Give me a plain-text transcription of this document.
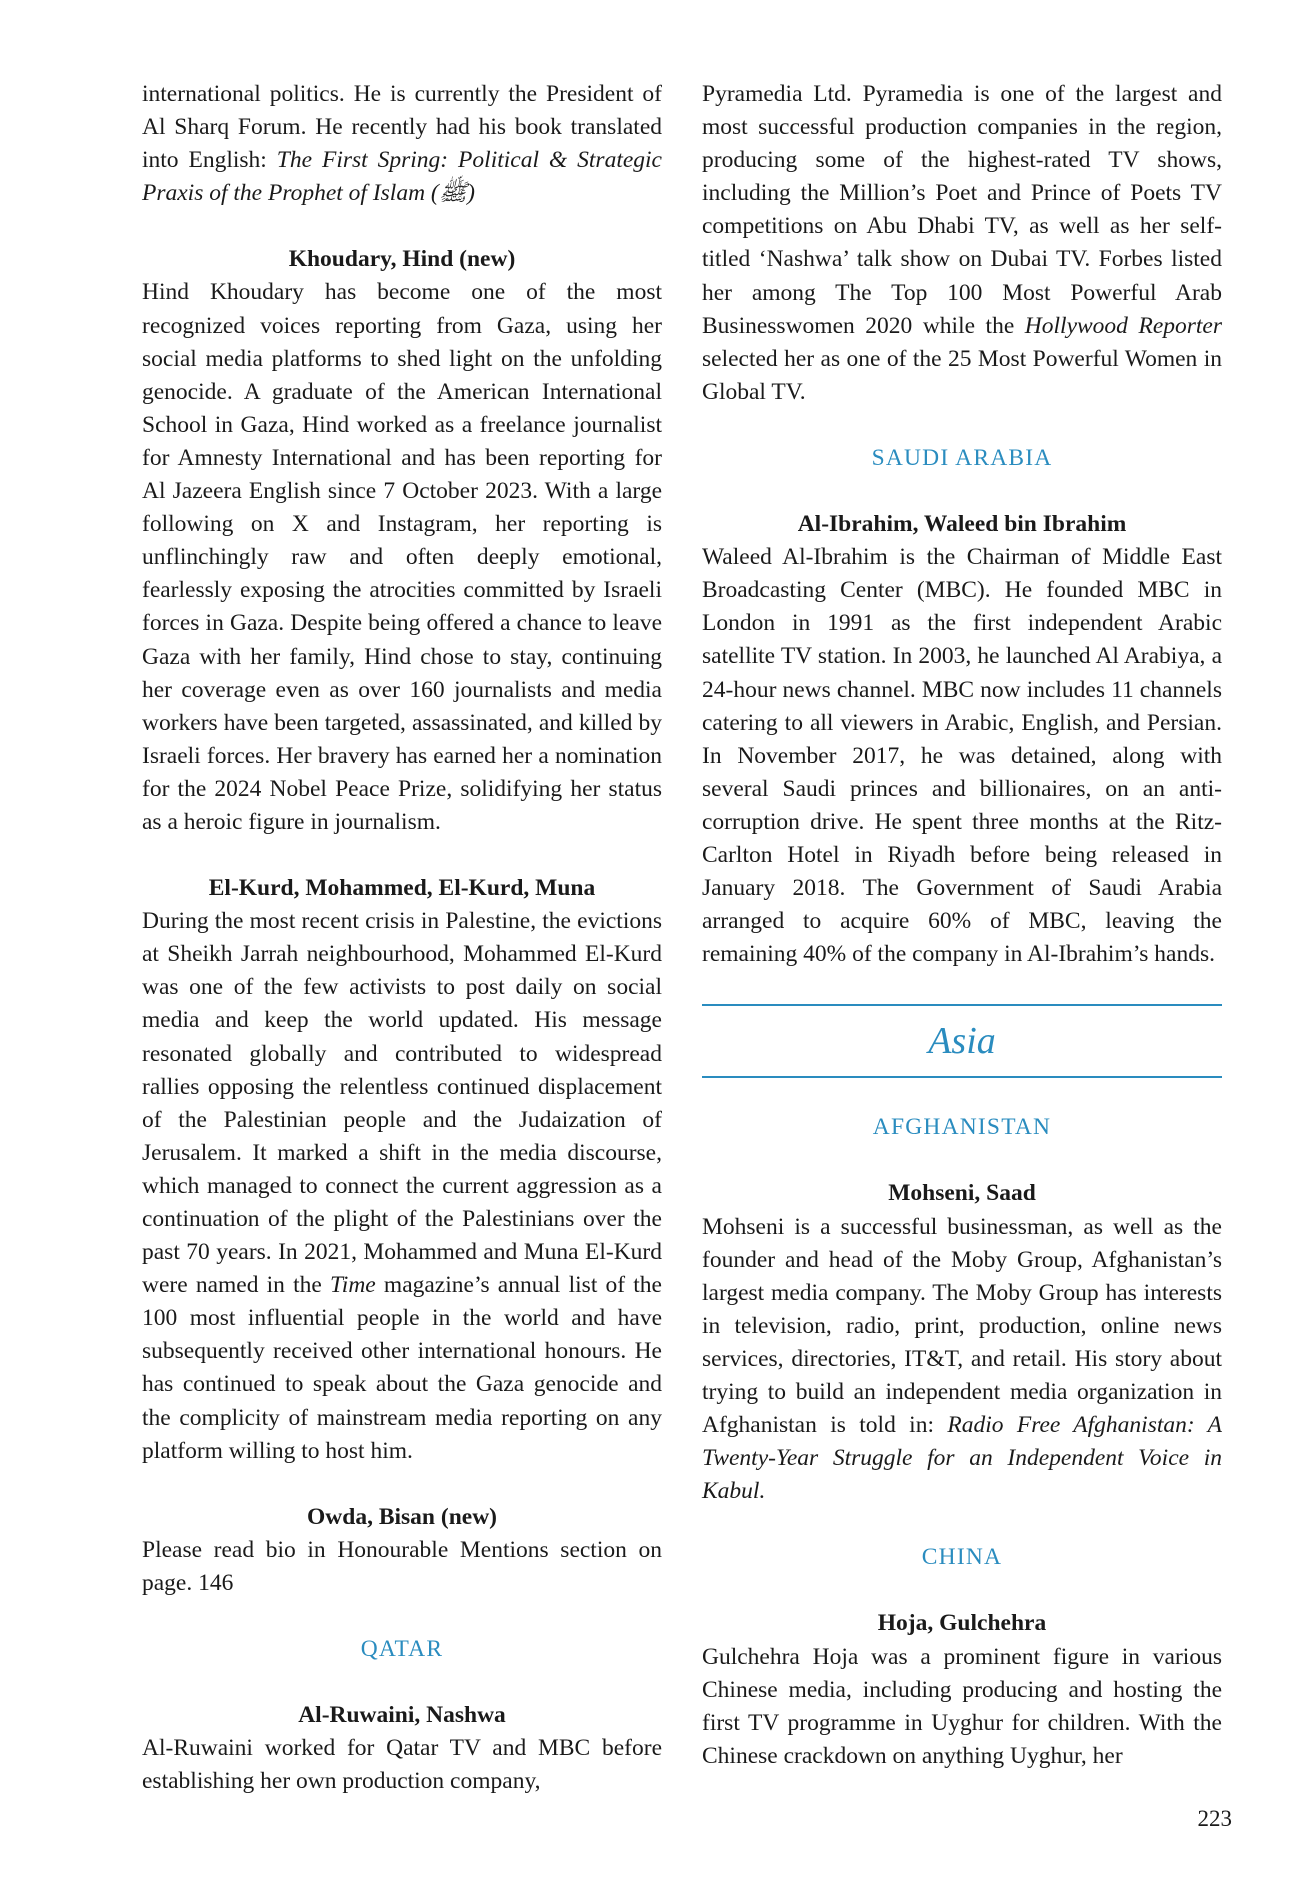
international politics. He is currently the President of Al Sharq Forum. He recently had his book translated into English: The First Spring: Political & Strategic Praxis of the Prophet of Islam (ﷺ)

Khoudary, Hind (new)

Hind Khoudary has become one of the most recognized voices reporting from Gaza, using her social media platforms to shed light on the unfolding genocide. A graduate of the American International School in Gaza, Hind worked as a freelance journalist for Amnesty International and has been reporting for Al Jazeera English since 7 October 2023. With a large following on X and Instagram, her reporting is unflinchingly raw and often deeply emotional, fearlessly exposing the atrocities committed by Israeli forces in Gaza. Despite being offered a chance to leave Gaza with her family, Hind chose to stay, continuing her coverage even as over 160 journalists and media workers have been targeted, assassinated, and killed by Israeli forces. Her bravery has earned her a nomination for the 2024 Nobel Peace Prize, solidifying her status as a heroic figure in journalism.

El-Kurd, Mohammed, El-Kurd, Muna

During the most recent crisis in Palestine, the evictions at Sheikh Jarrah neighbourhood, Mohammed El-Kurd was one of the few activists to post daily on social media and keep the world updated. His message resonated globally and contributed to widespread rallies opposing the relentless continued displacement of the Palestinian people and the Judaization of Jerusalem. It marked a shift in the media discourse, which managed to connect the current aggression as a continuation of the plight of the Palestinians over the past 70 years. In 2021, Mohammed and Muna El-Kurd were named in the Time magazine’s annual list of the 100 most influential people in the world and have subsequently received other international honours. He has continued to speak about the Gaza genocide and the complicity of mainstream media reporting on any platform willing to host him.

Owda, Bisan (new)

Please read bio in Honourable Mentions section on page. 146

QATAR
Al-Ruwaini, Nashwa

Al-Ruwaini worked for Qatar TV and MBC before establishing her own production company,

Pyramedia Ltd. Pyramedia is one of the largest and most successful production companies in the region, producing some of the highest-rated TV shows, including the Million’s Poet and Prince of Poets TV competitions on Abu Dhabi TV, as well as her self-titled ‘Nashwa’ talk show on Dubai TV. Forbes listed her among The Top 100 Most Powerful Arab Businesswomen 2020 while the Hollywood Reporter selected her as one of the 25 Most Powerful Women in Global TV.

SAUDI ARABIA
Al-Ibrahim, Waleed bin Ibrahim

Waleed Al-Ibrahim is the Chairman of Middle East Broadcasting Center (MBC). He founded MBC in London in 1991 as the first independent Arabic satellite TV station. In 2003, he launched Al Arabiya, a 24-hour news channel. MBC now includes 11 channels catering to all viewers in Arabic, English, and Persian. In November 2017, he was detained, along with several Saudi princes and billionaires, on an anti-corruption drive. He spent three months at the Ritz-Carlton Hotel in Riyadh before being released in January 2018. The Government of Saudi Arabia arranged to acquire 60% of MBC, leaving the remaining 40% of the company in Al-Ibrahim’s hands.

Asia
AFGHANISTAN
Mohseni, Saad

Mohseni is a successful businessman, as well as the founder and head of the Moby Group, Afghanistan’s largest media company. The Moby Group has interests in television, radio, print, production, online news services, directories, IT&T, and retail. His story about trying to build an independent media organization in Afghanistan is told in: Radio Free Afghanistan: A Twenty-Year Struggle for an Independent Voice in Kabul.

CHINA
Hoja, Gulchehra

Gulchehra Hoja was a prominent figure in various Chinese media, including producing and hosting the first TV programme in Uyghur for children. With the Chinese crackdown on anything Uyghur, her

223
